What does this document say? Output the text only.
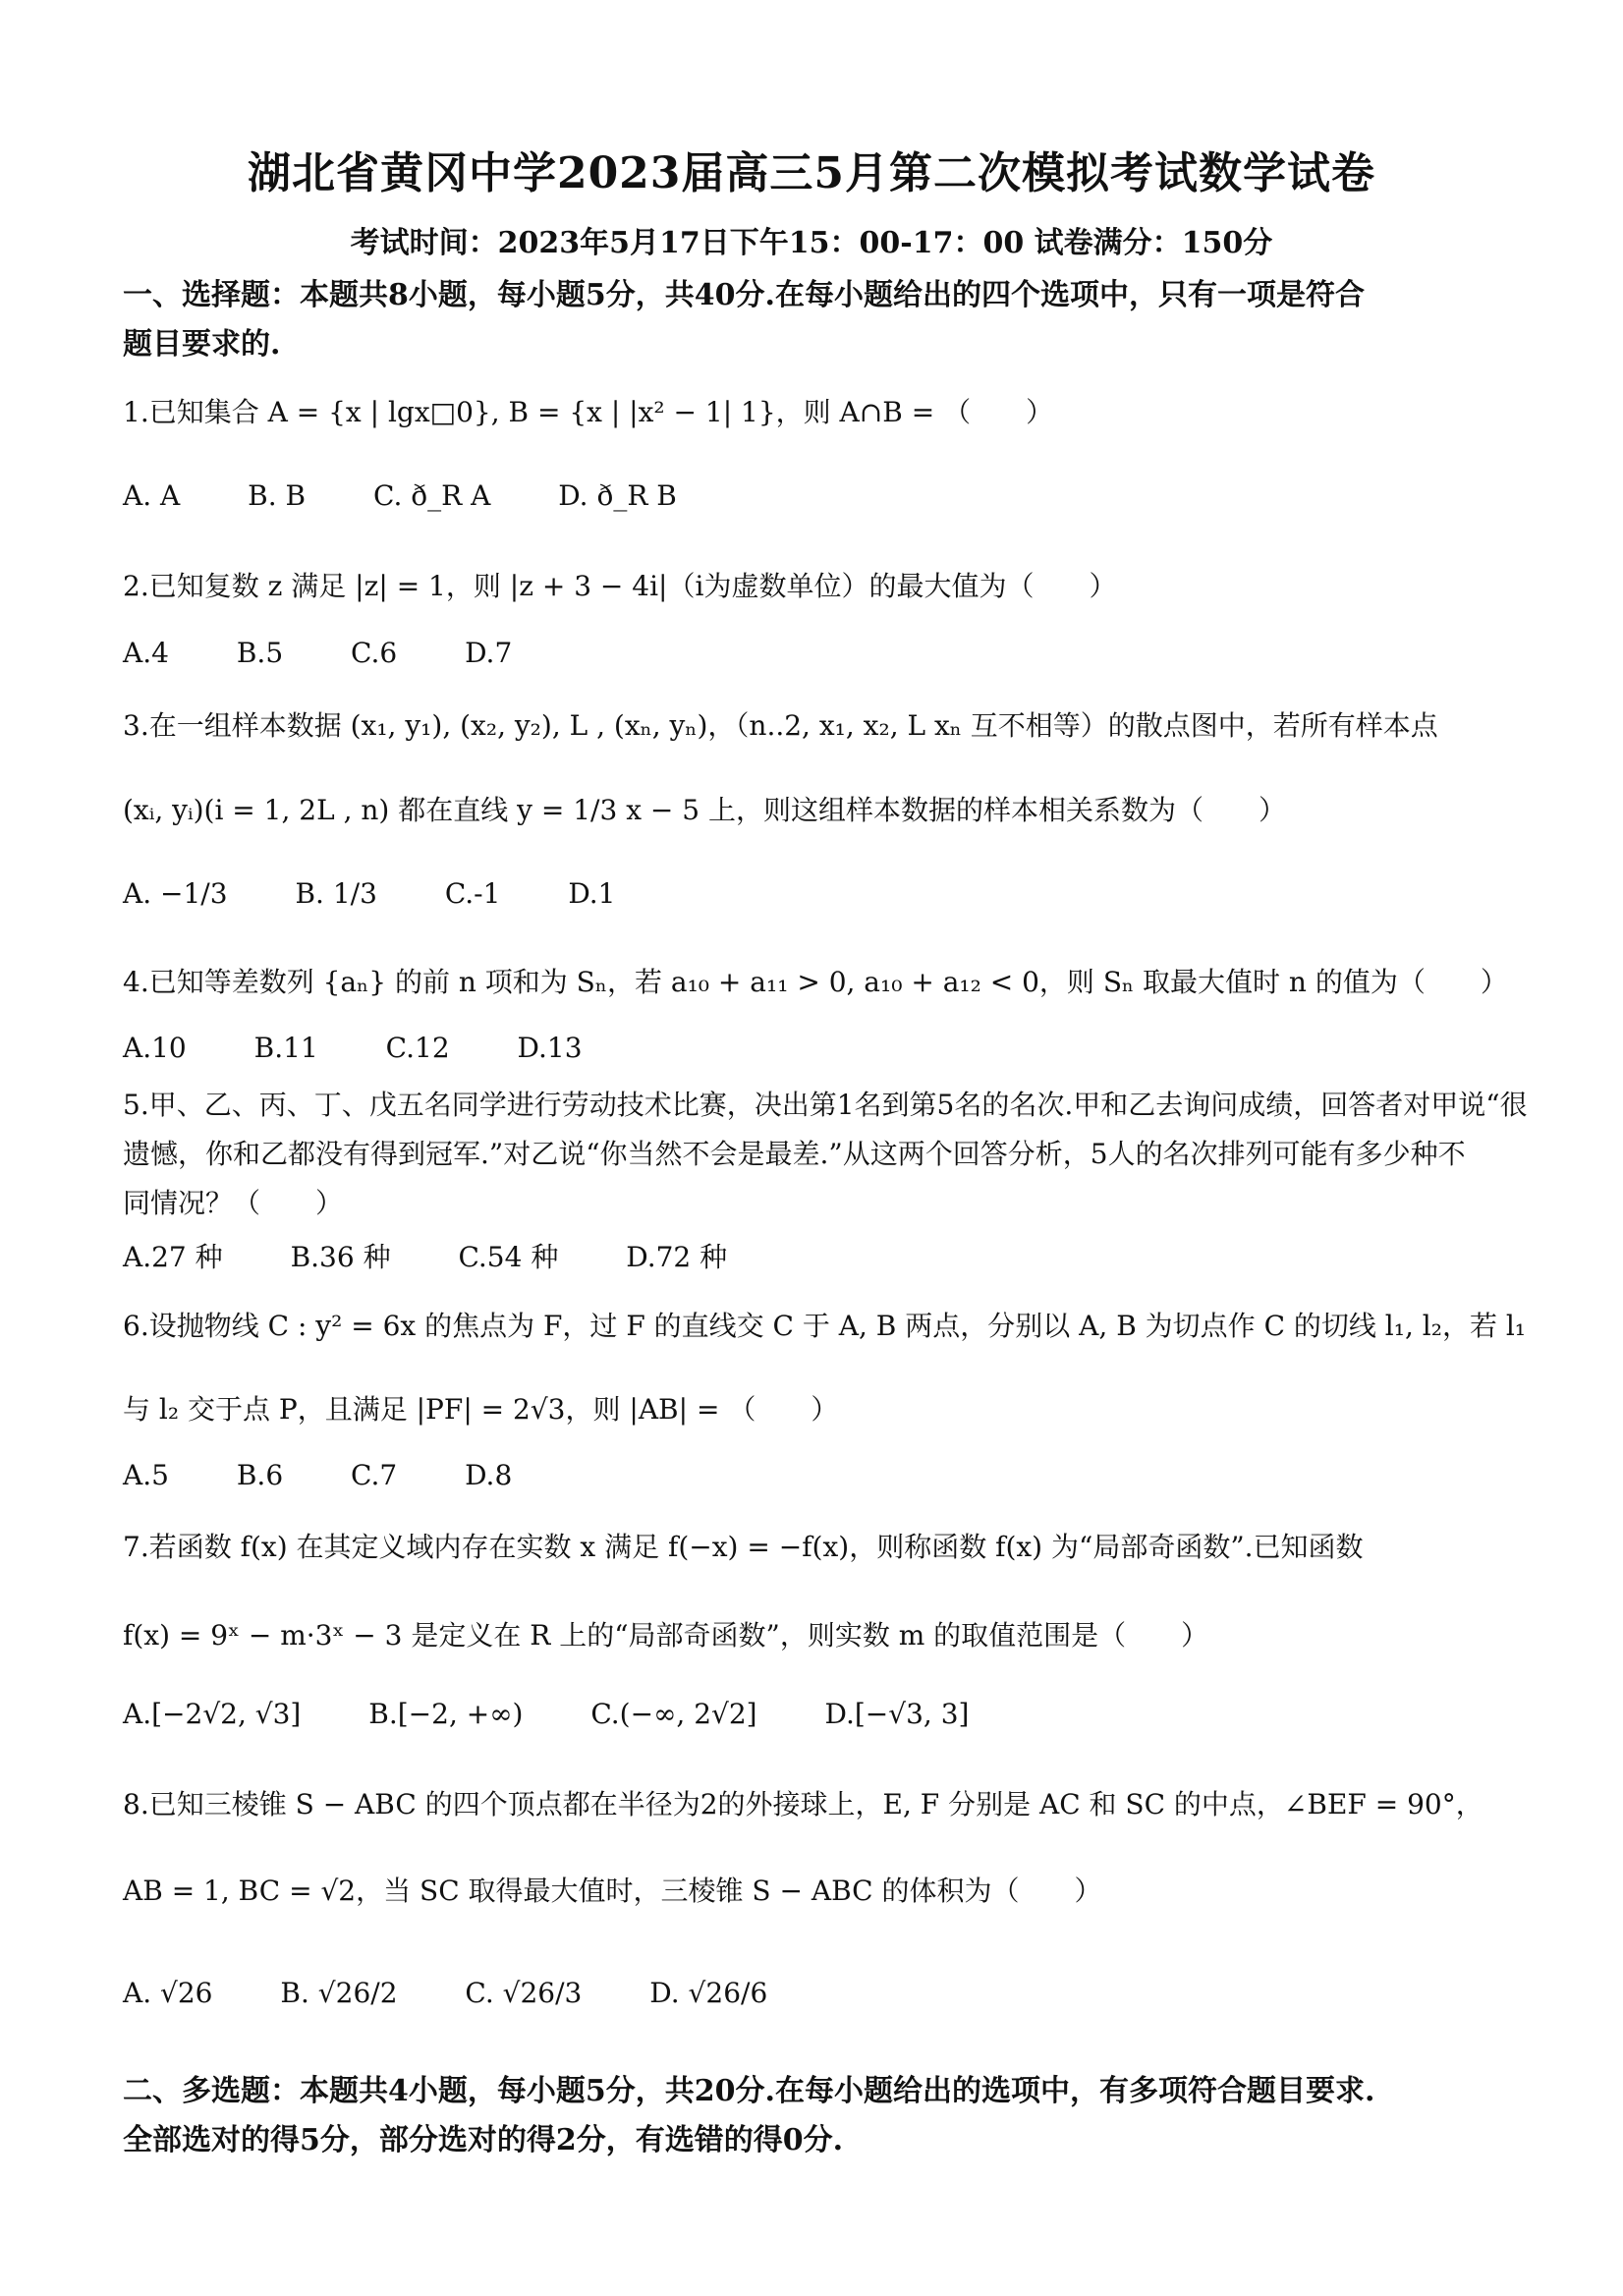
湖北省黄冈中学2023届高三5月第二次模拟考试数学试卷
考试时间：2023年5月17日下午15：00-17：00 试卷满分：150分
一、选择题：本题共8小题，每小题5分，共40分.在每小题给出的四个选项中，只有一项是符合
题目要求的.
1.已知集合 A = {x | lgx□0}, B = {x | |x² − 1| 1}，则 A∩B = （　　）
A. A B. B C. ð_R A D. ð_R B
2.已知复数 z 满足 |z| = 1，则 |z + 3 − 4i|（i为虚数单位）的最大值为（　　）
A.4 B.5 C.6 D.7
3.在一组样本数据 (x₁, y₁), (x₂, y₂), L , (xₙ, yₙ)，（n..2, x₁, x₂, L xₙ 互不相等）的散点图中，若所有样本点
(xᵢ, yᵢ)(i = 1, 2L , n) 都在直线 y = 1/3 x − 5 上，则这组样本数据的样本相关系数为（　　）
A. −1/3 B. 1/3 C.-1 D.1
4.已知等差数列 {aₙ} 的前 n 项和为 Sₙ，若 a₁₀ + a₁₁ > 0, a₁₀ + a₁₂ < 0，则 Sₙ 取最大值时 n 的值为（　　）
A.10 B.11 C.12 D.13
5.甲、乙、丙、丁、戊五名同学进行劳动技术比赛，决出第1名到第5名的名次.甲和乙去询问成绩，回答者对甲说“很
遗憾，你和乙都没有得到冠军.”对乙说“你当然不会是最差.”从这两个回答分析，5人的名次排列可能有多少种不
同情况？（　　）
A.27 种 B.36 种 C.54 种 D.72 种
6.设抛物线 C : y² = 6x 的焦点为 F，过 F 的直线交 C 于 A, B 两点，分别以 A, B 为切点作 C 的切线 l₁, l₂，若 l₁
与 l₂ 交于点 P，且满足 |PF| = 2√3，则 |AB| = （　　）
A.5 B.6 C.7 D.8
7.若函数 f(x) 在其定义域内存在实数 x 满足 f(−x) = −f(x)，则称函数 f(x) 为“局部奇函数”.已知函数
f(x) = 9ˣ − m·3ˣ − 3 是定义在 R 上的“局部奇函数”，则实数 m 的取值范围是（　　）
A.[−2√2, √3] B.[−2, +∞) C.(−∞, 2√2] D.[−√3, 3]
8.已知三棱锥 S − ABC 的四个顶点都在半径为2的外接球上，E, F 分别是 AC 和 SC 的中点，∠BEF = 90°，
AB = 1, BC = √2，当 SC 取得最大值时，三棱锥 S − ABC 的体积为（　　）
A. √26 B. √26/2 C. √26/3 D. √26/6
二、多选题：本题共4小题，每小题5分，共20分.在每小题给出的选项中，有多项符合题目要求.
全部选对的得5分，部分选对的得2分，有选错的得0分.
